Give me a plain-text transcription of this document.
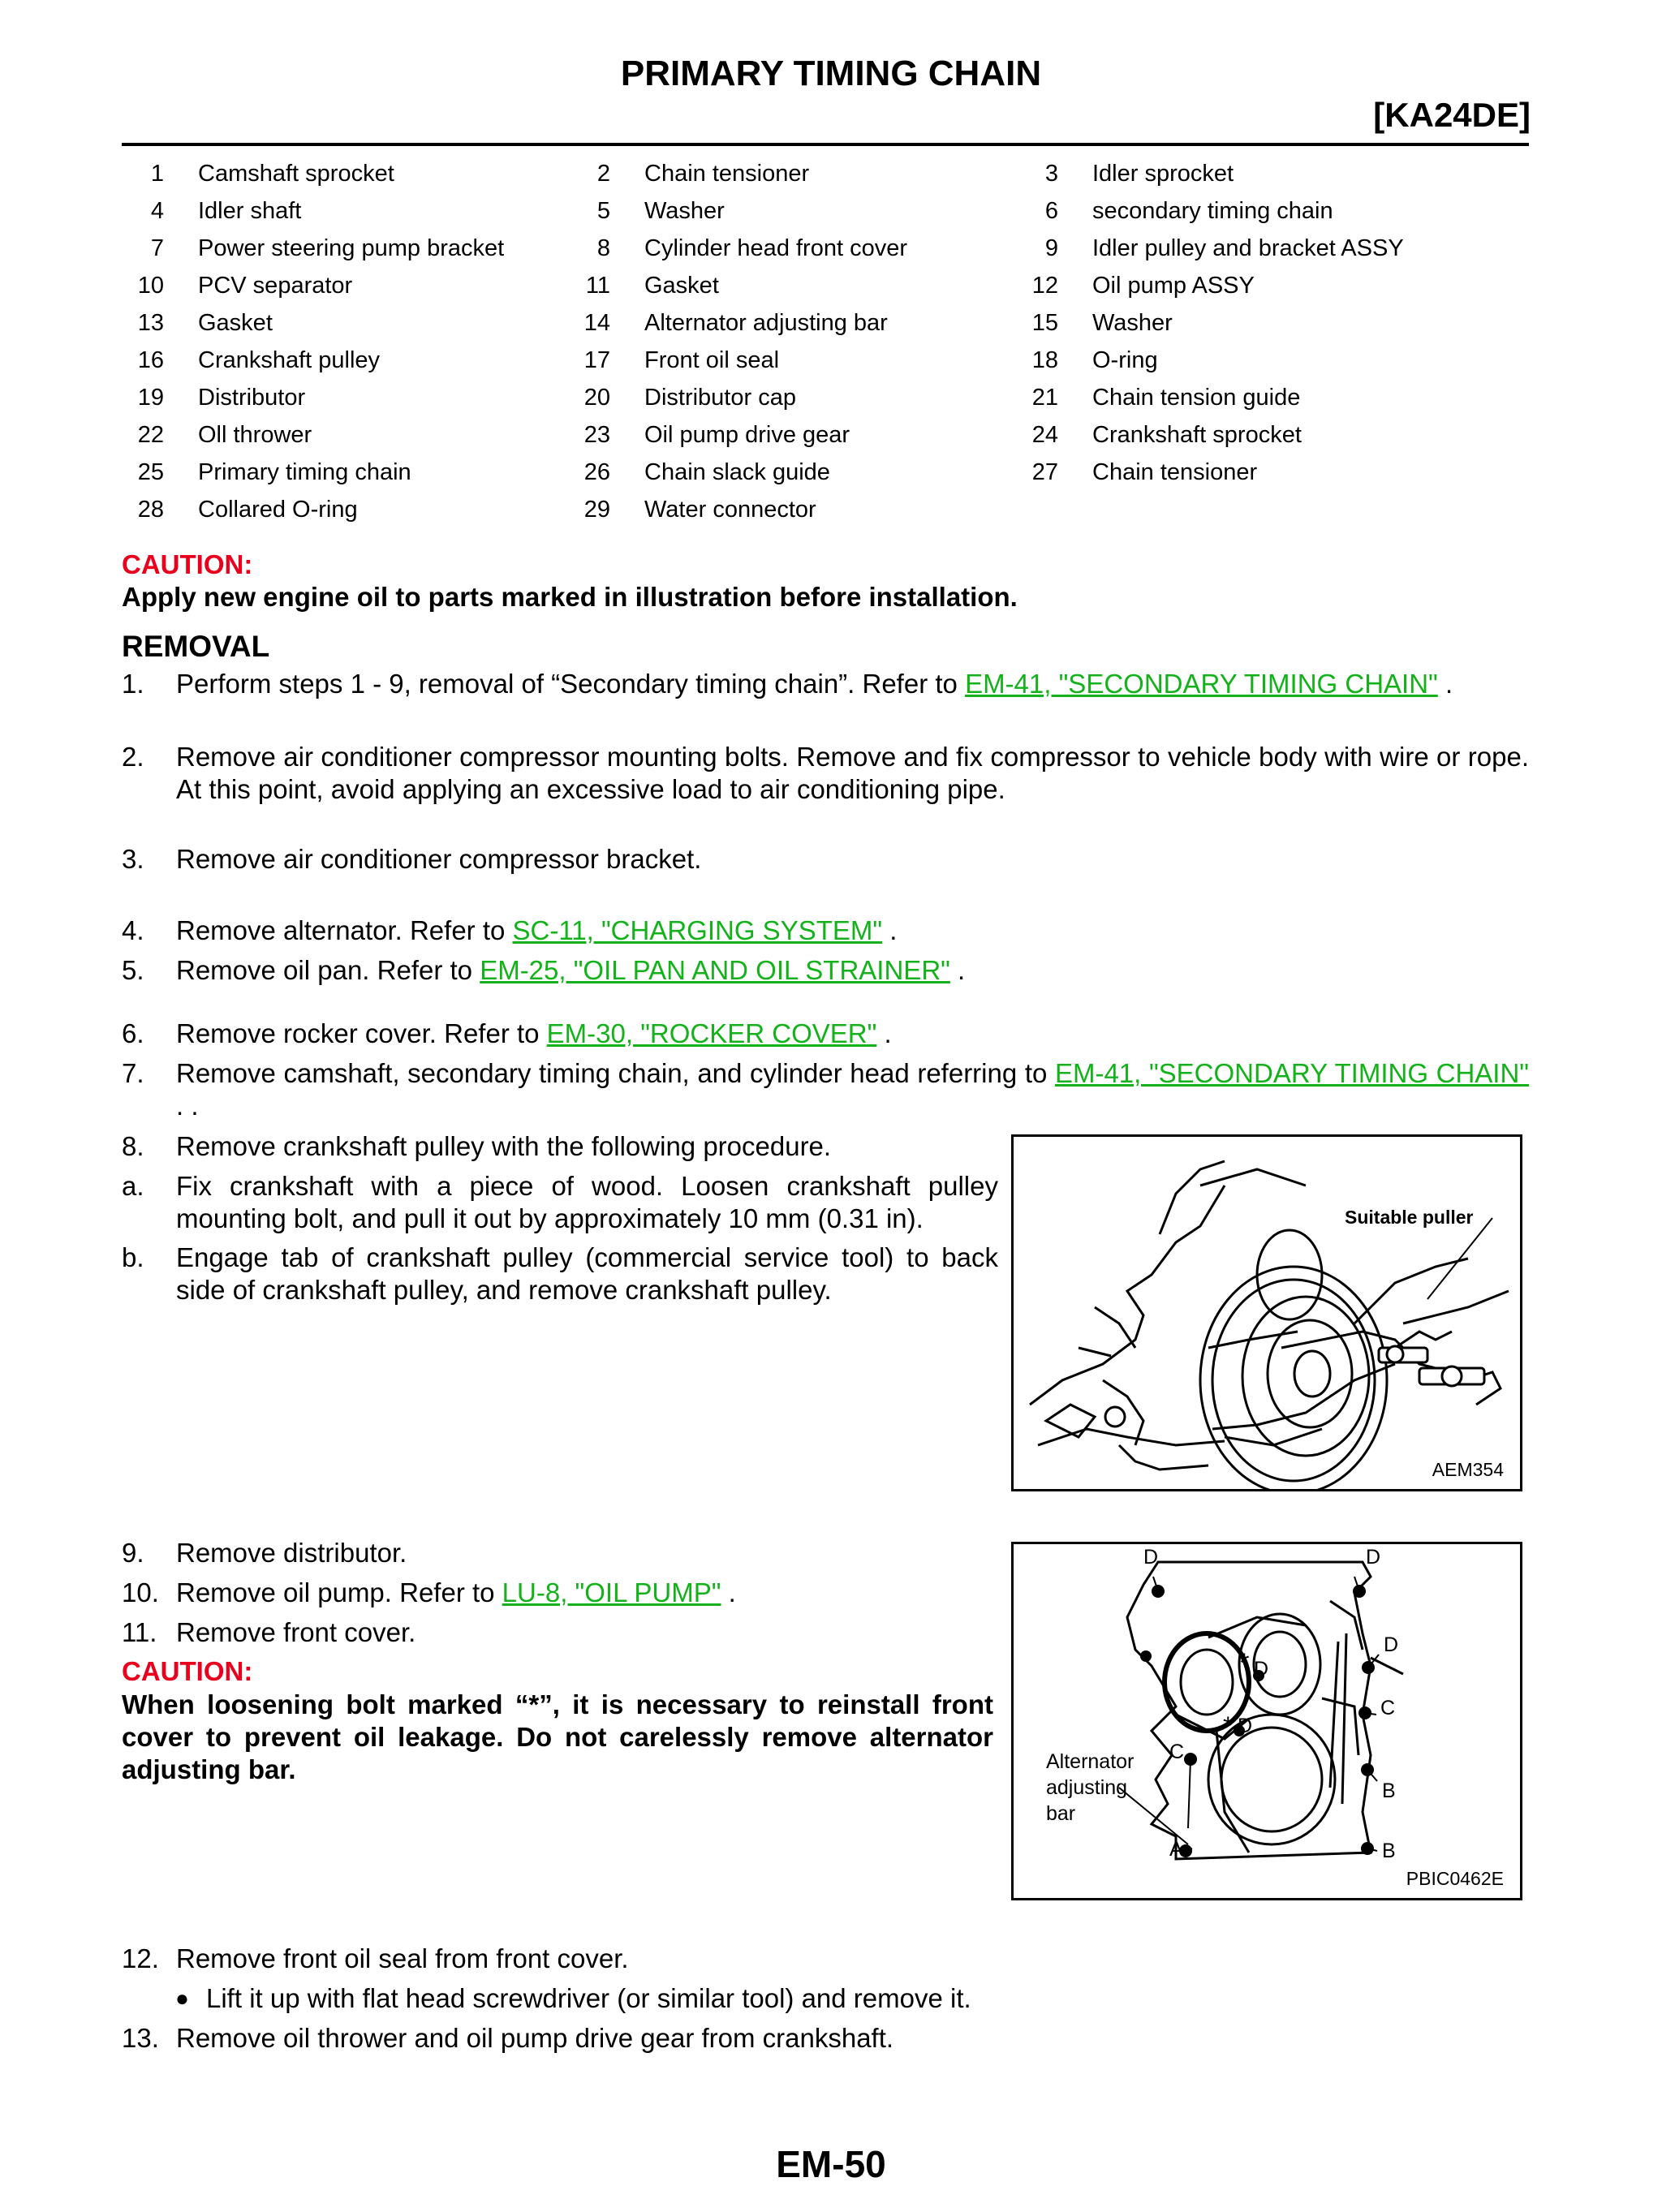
PRIMARY TIMING CHAIN
[KA24DE]
1 Camshaft sprocket	2 Chain tensioner	3 Idler sprocket
4 Idler shaft	5 Washer	6 secondary timing chain
7 Power steering pump bracket	8 Cylinder head front cover	9 Idler pulley and bracket ASSY
10 PCV separator	11 Gasket	12 Oil pump ASSY
13 Gasket	14 Alternator adjusting bar	15 Washer
16 Crankshaft pulley	17 Front oil seal	18 O-ring
19 Distributor	20 Distributor cap	21 Chain tension guide
22 Oll thrower	23 Oil pump drive gear	24 Crankshaft sprocket
25 Primary timing chain	26 Chain slack guide	27 Chain tensioner
28 Collared O-ring	29 Water connector
CAUTION:
Apply new engine oil to parts marked in illustration before installation.
REMOVAL
1. Perform steps 1 - 9, removal of “Secondary timing chain”. Refer to EM-41, "SECONDARY TIMING CHAIN" .
2. Remove air conditioner compressor mounting bolts. Remove and fix compressor to vehicle body with wire or rope. At this point, avoid applying an excessive load to air conditioning pipe.
3. Remove air conditioner compressor bracket.
4. Remove alternator. Refer to SC-11, "CHARGING SYSTEM" .
5. Remove oil pan. Refer to EM-25, "OIL PAN AND OIL STRAINER" .
6. Remove rocker cover. Refer to EM-30, "ROCKER COVER" .
7. Remove camshaft, secondary timing chain, and cylinder head referring to EM-41, "SECONDARY TIMING CHAIN" . .
8. Remove crankshaft pulley with the following procedure.
a. Fix crankshaft with a piece of wood. Loosen crankshaft pulley mounting bolt, and pull it out by approximately 10 mm (0.31 in).
b. Engage tab of crankshaft pulley (commercial service tool) to back side of crankshaft pulley, and remove crankshaft pulley.
Suitable puller
AEM354
9. Remove distributor.
10. Remove oil pump. Refer to LU-8, "OIL PUMP" .
11. Remove front cover.
CAUTION:
When loosening bolt marked “*”, it is necessary to reinstall front cover to prevent oil leakage. Do not carelessly remove alternator adjusting bar.
D	D
D
D
*
D
*
C
C
B
B
A
Alternator
adjusting
bar
PBIC0462E
12. Remove front oil seal from front cover.
● Lift it up with flat head screwdriver (or similar tool) and remove it.
13. Remove oil thrower and oil pump drive gear from crankshaft.
EM-50
